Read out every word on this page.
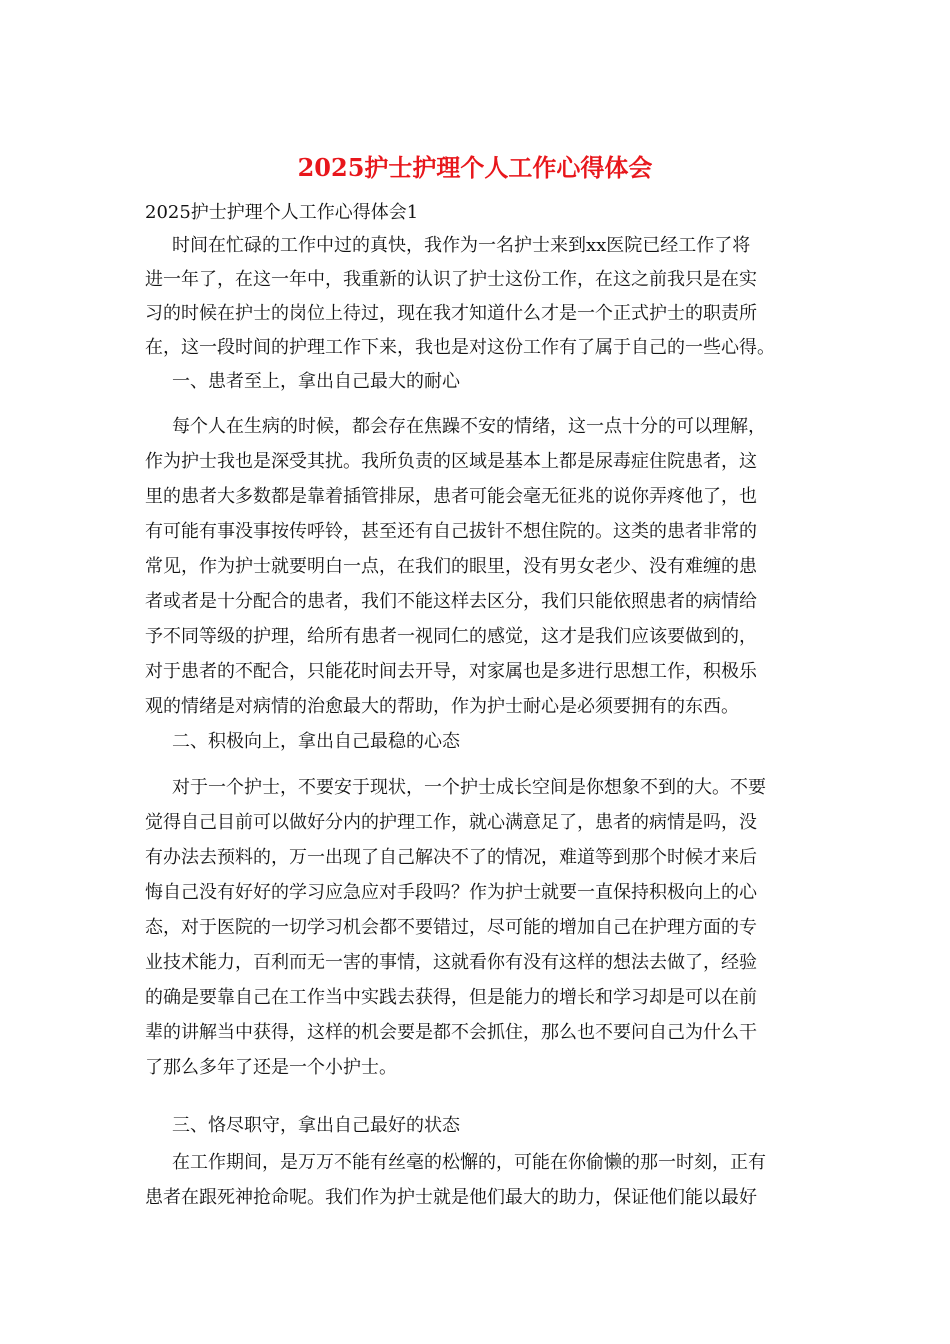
2025护士护理个人工作心得体会
2025护士护理个人工作心得体会1
时间在忙碌的工作中过的真快，我作为一名护士来到xx医院已经工作了将
进一年了，在这一年中，我重新的认识了护士这份工作，在这之前我只是在实
习的时候在护士的岗位上待过，现在我才知道什么才是一个正式护士的职责所
在，这一段时间的护理工作下来，我也是对这份工作有了属于自己的一些心得。
一、患者至上，拿出自己最大的耐心
每个人在生病的时候，都会存在焦躁不安的情绪，这一点十分的可以理解，
作为护士我也是深受其扰。我所负责的区域是基本上都是尿毒症住院患者，这
里的患者大多数都是靠着插管排尿，患者可能会毫无征兆的说你弄疼他了，也
有可能有事没事按传呼铃，甚至还有自己拔针不想住院的。这类的患者非常的
常见，作为护士就要明白一点，在我们的眼里，没有男女老少、没有难缠的患
者或者是十分配合的患者，我们不能这样去区分，我们只能依照患者的病情给
予不同等级的护理，给所有患者一视同仁的感觉，这才是我们应该要做到的，
对于患者的不配合，只能花时间去开导，对家属也是多进行思想工作，积极乐
观的情绪是对病情的治愈最大的帮助，作为护士耐心是必须要拥有的东西。
二、积极向上，拿出自己最稳的心态
对于一个护士，不要安于现状，一个护士成长空间是你想象不到的大。不要
觉得自己目前可以做好分内的护理工作，就心满意足了，患者的病情是吗，没
有办法去预料的，万一出现了自己解决不了的情况，难道等到那个时候才来后
悔自己没有好好的学习应急应对手段吗？作为护士就要一直保持积极向上的心
态，对于医院的一切学习机会都不要错过，尽可能的增加自己在护理方面的专
业技术能力，百利而无一害的事情，这就看你有没有这样的想法去做了，经验
的确是要靠自己在工作当中实践去获得，但是能力的增长和学习却是可以在前
辈的讲解当中获得，这样的机会要是都不会抓住，那么也不要问自己为什么干
了那么多年了还是一个小护士。
三、恪尽职守，拿出自己最好的状态
在工作期间，是万万不能有丝毫的松懈的，可能在你偷懒的那一时刻，正有
患者在跟死神抢命呢。我们作为护士就是他们最大的助力，保证他们能以最好
